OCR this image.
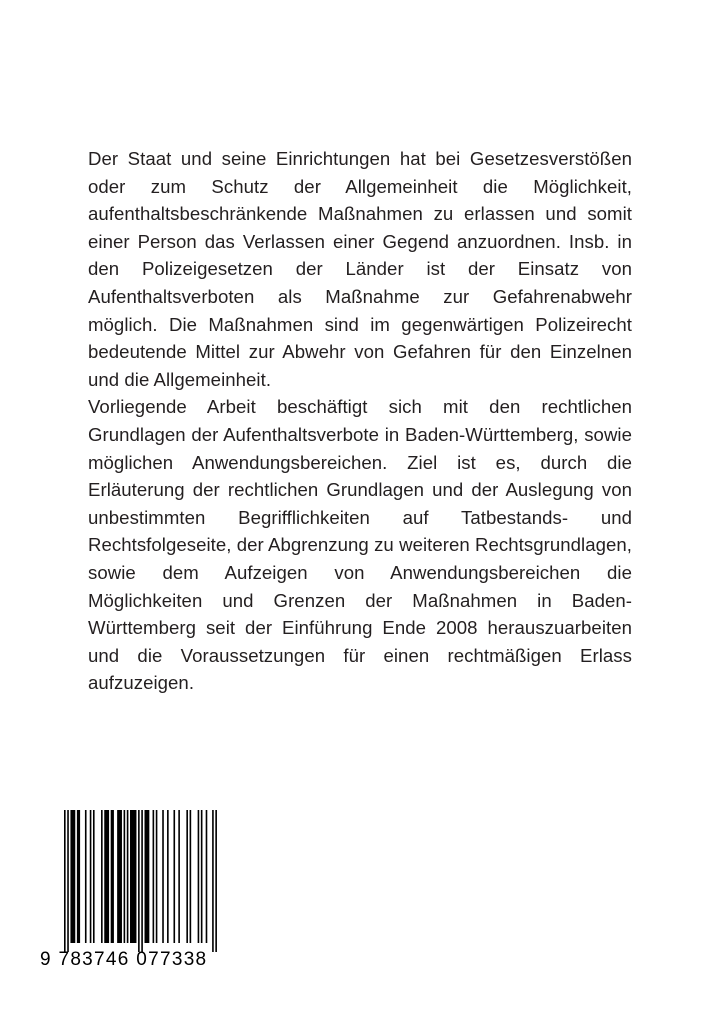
Der Staat und seine Einrichtungen hat bei Gesetzesverstößen oder zum Schutz der Allgemeinheit die Möglichkeit, aufenthaltsbeschränkende Maßnahmen zu erlassen und somit einer Person das Verlassen einer Gegend anzuordnen. Insb. in den Polizeigesetzen der Länder ist der Einsatz von Aufenthaltsverboten als Maßnahme zur Gefahrenabwehr möglich. Die Maßnahmen sind im gegenwärtigen Polizeirecht bedeutende Mittel zur Abwehr von Gefahren für den Einzelnen und die Allgemeinheit.

Vorliegende Arbeit beschäftigt sich mit den rechtlichen Grundlagen der Aufenthaltsverbote in Baden-Württemberg, sowie möglichen Anwendungsbereichen. Ziel ist es, durch die Erläuterung der rechtlichen Grundlagen und der Auslegung von unbestimmten Begrifflichkeiten auf Tatbestands- und Rechtsfolgeseite, der Abgrenzung zu weiteren Rechtsgrundlagen, sowie dem Aufzeigen von Anwendungsbereichen die Möglichkeiten und Grenzen der Maßnahmen in Baden-Württemberg seit der Einführung Ende 2008 herauszuarbeiten und die Voraussetzungen für einen rechtmäßigen Erlass aufzuzeigen.

9 783746 077338
